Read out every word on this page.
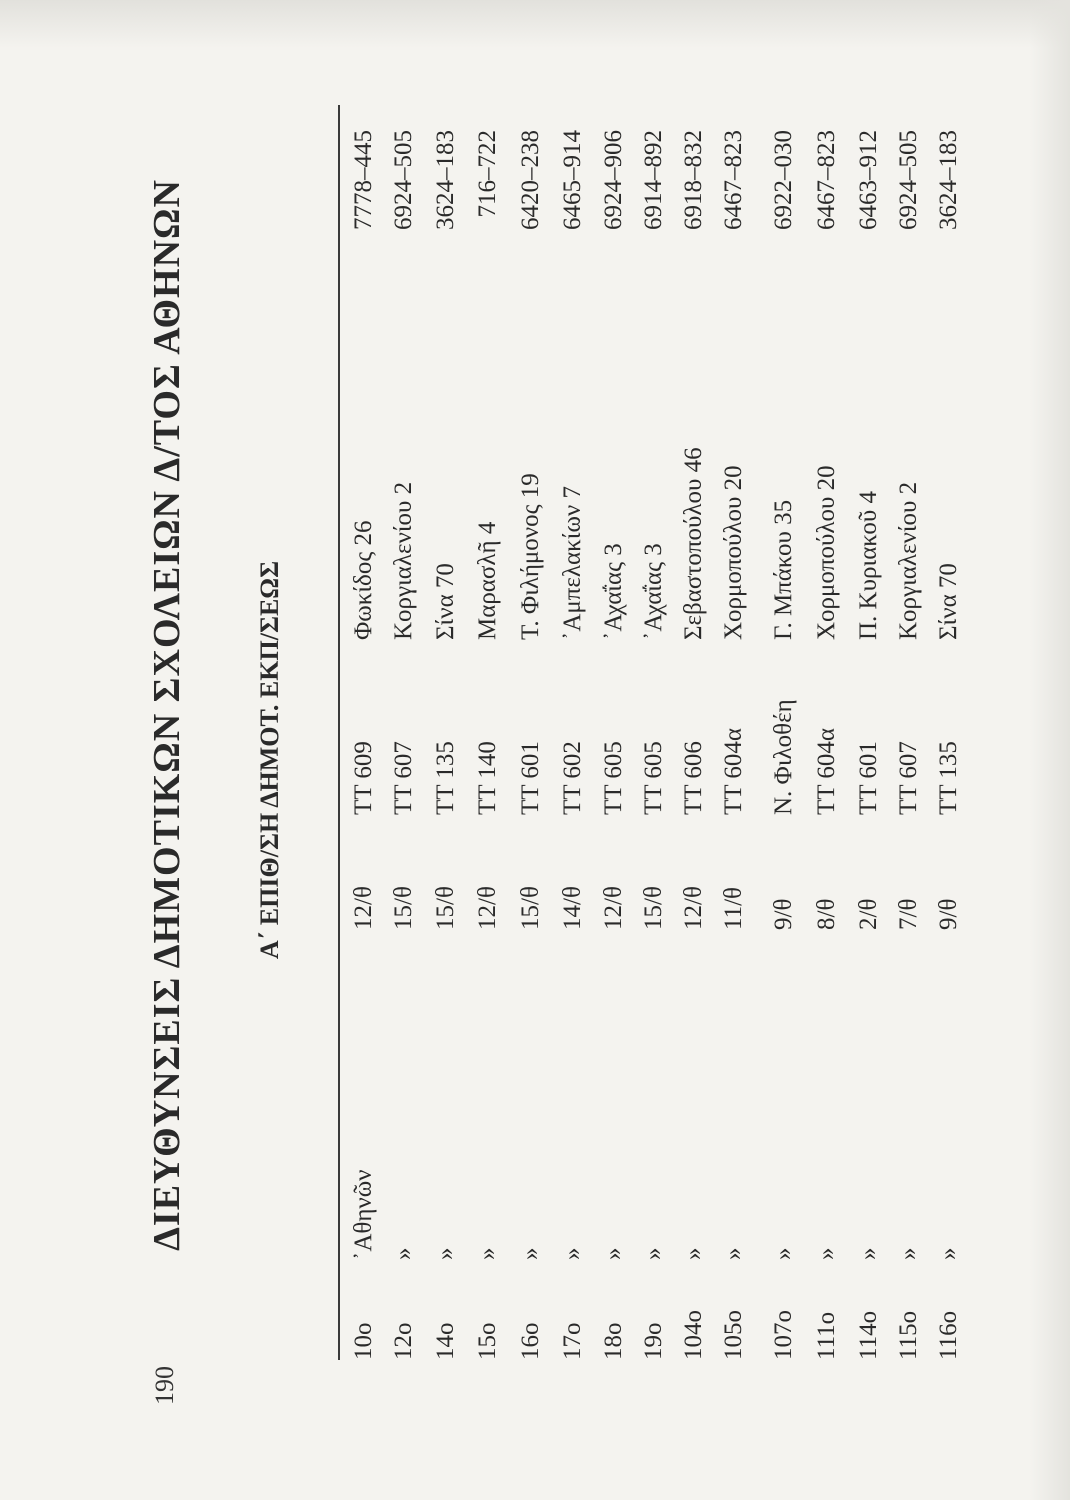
190
ΔΙΕΥΘΥΝΣΕΙΣ ΔΗΜΟΤΙΚΩΝ ΣΧΟΛΕΙΩΝ Δ/ΤΟΣ ΑΘΗΝΩΝ	Α΄ ΕΠΙΘ/ΣΗ ΔΗΜΟΤ. ΕΚΠ/ΣΕΩΣ
10ο
᾽Αθηνῶν
12/θ
ΤΤ 609
Φωκίδος 26
7778–445
12ο
»
15/θ
ΤΤ 607
Κοργιαλενίου 2
6924–505
14ο
»
15/θ
ΤΤ 135
Σίνα 70
3624–183
15ο
»
12/θ
ΤΤ 140
Μαρασλῆ 4
716–722
16ο
»
15/θ
ΤΤ 601
Τ. Φιλήμονος 19
6420–238
17ο
»
14/θ
ΤΤ 602
᾽Αμπελακίων 7
6465–914
18ο
»
12/θ
ΤΤ 605
᾽Αχαΐας 3
6924–906
19ο
»
15/θ
ΤΤ 605
᾽Αχαΐας 3
6914–892
104ο
»
12/θ
ΤΤ 606
Σεβαστοπούλου 46
6918–832
105ο
»
11/θ
ΤΤ 604α
Χορμοπούλου 20
6467–823
107ο
»
9/θ
Ν. Φιλοθέη
Γ. Μπάκου 35
6922–030
111ο
»
8/θ
ΤΤ 604α
Χορμοπούλου 20
6467–823
114ο
»
2/θ
ΤΤ 601
Π. Κυριακοῦ 4
6463–912
115ο
»
7/θ
ΤΤ 607
Κοργιαλενίου 2
6924–505
116ο
»
9/θ
ΤΤ 135
Σίνα 70
3624–183
